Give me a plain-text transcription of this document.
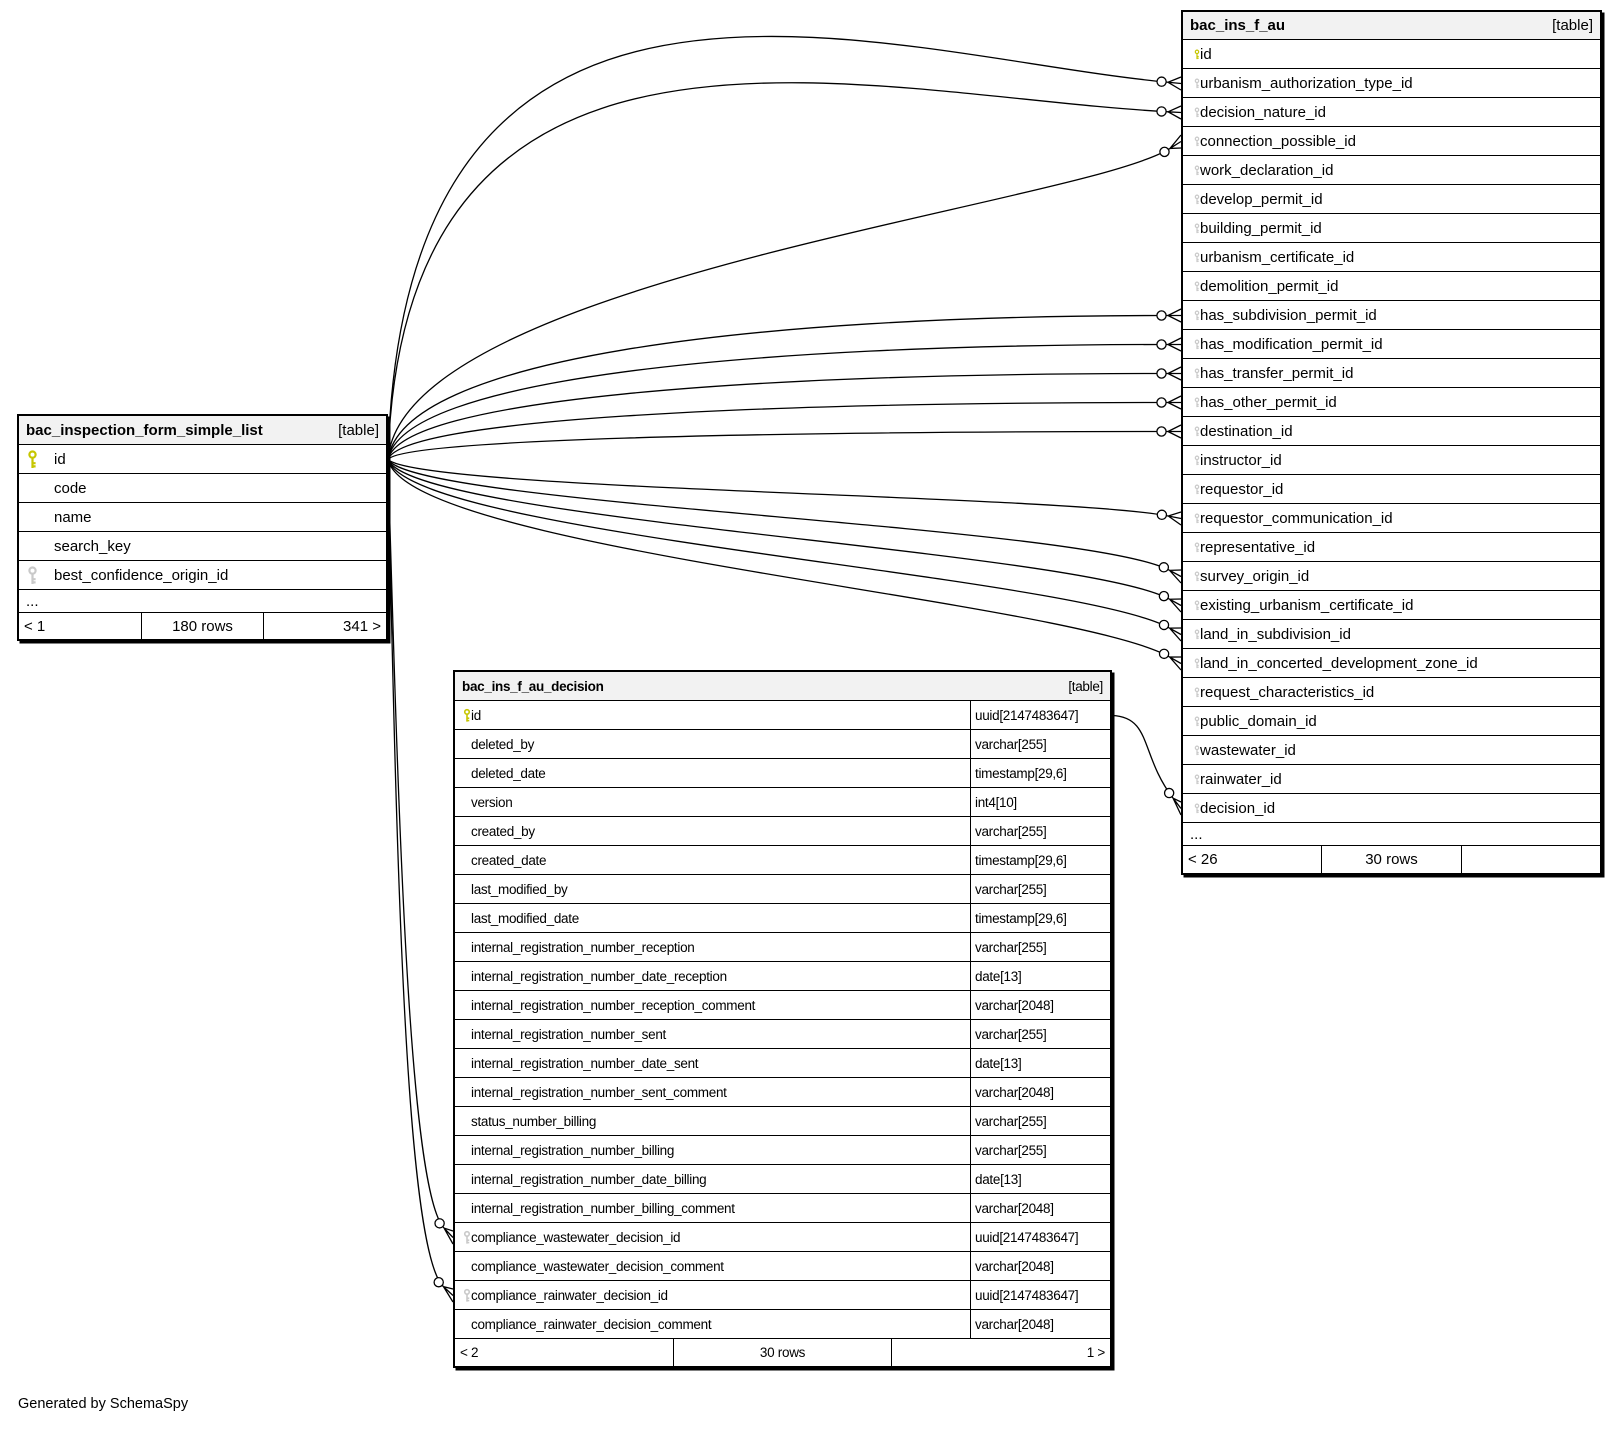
bac_inspection_form_simple_list	[table]
id
code
name
search_key
best_confidence_origin_id
...
< 1	180 rows	341 >
bac_ins_f_au	[table]
id
urbanism_authorization_type_id
decision_nature_id
connection_possible_id
work_declaration_id
develop_permit_id
building_permit_id
urbanism_certificate_id
demolition_permit_id
has_subdivision_permit_id
has_modification_permit_id
has_transfer_permit_id
has_other_permit_id
destination_id
instructor_id
requestor_id
requestor_communication_id
representative_id
survey_origin_id
existing_urbanism_certificate_id
land_in_subdivision_id
land_in_concerted_development_zone_id
request_characteristics_id
public_domain_id
wastewater_id
rainwater_id
decision_id
...
< 26	30 rows
bac_ins_f_au_decision	[table]
id	uuid[2147483647]
deleted_by	varchar[255]
deleted_date	timestamp[29,6]
version	int4[10]
created_by	varchar[255]
created_date	timestamp[29,6]
last_modified_by	varchar[255]
last_modified_date	timestamp[29,6]
internal_registration_number_reception	varchar[255]
internal_registration_number_date_reception	date[13]
internal_registration_number_reception_comment	varchar[2048]
internal_registration_number_sent	varchar[255]
internal_registration_number_date_sent	date[13]
internal_registration_number_sent_comment	varchar[2048]
status_number_billing	varchar[255]
internal_registration_number_billing	varchar[255]
internal_registration_number_date_billing	date[13]
internal_registration_number_billing_comment	varchar[2048]
compliance_wastewater_decision_id	uuid[2147483647]
compliance_wastewater_decision_comment	varchar[2048]
compliance_rainwater_decision_id	uuid[2147483647]
compliance_rainwater_decision_comment	varchar[2048]
< 2	30 rows	1 >
Generated by SchemaSpy
